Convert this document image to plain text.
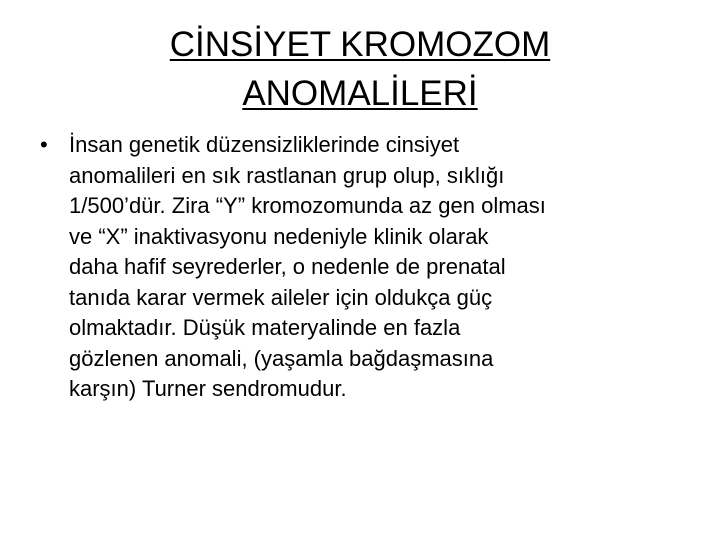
CİNSİYET KROMOZOM
ANOMALİLERİ
• İnsan genetik düzensizliklerinde cinsiyet
anomalileri en sık rastlanan grup olup, sıklığı
1/500’dür. Zira “Y” kromozomunda az gen olması
ve “X” inaktivasyonu nedeniyle klinik olarak
daha hafif seyrederler, o nedenle de prenatal
tanıda karar vermek aileler için oldukça güç
olmaktadır. Düşük materyalinde en fazla
gözlenen anomali, (yaşamla bağdaşmasına
karşın) Turner sendromudur.
